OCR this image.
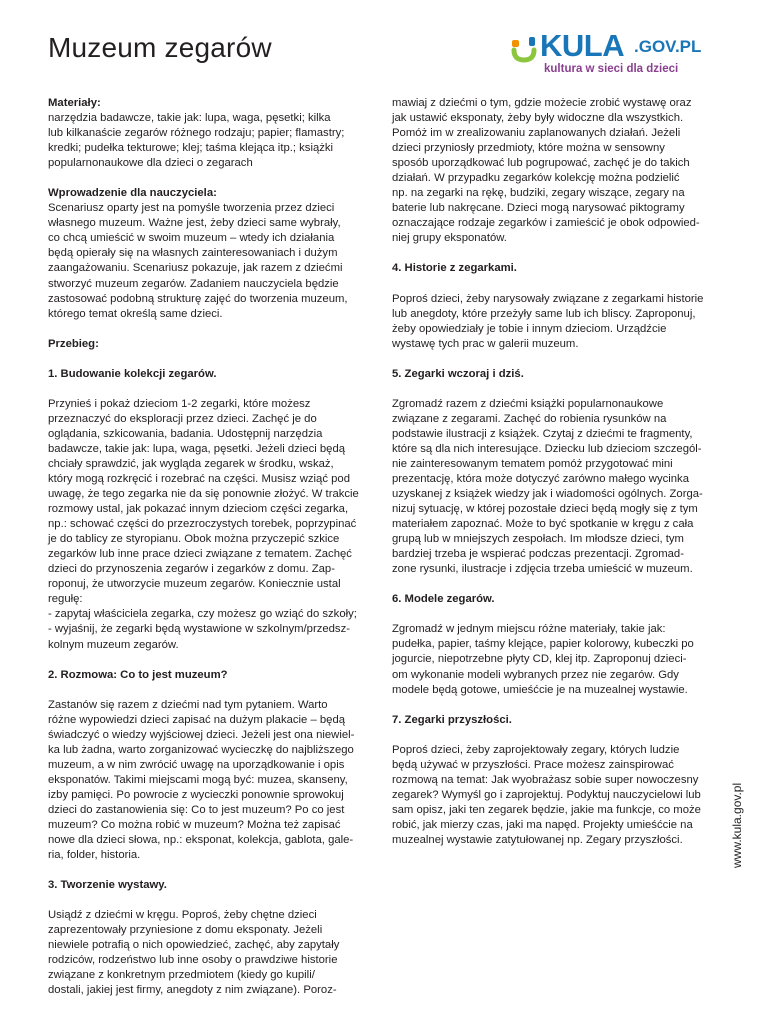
Muzeum zegarów	KULA .GOV.PL
kultura w sieci dla dzieci

Materiały:
narzędzia badawcze, takie jak: lupa, waga, pęsetki; kilka
lub kilkanaście zegarów różnego rodzaju; papier; flamastry;
kredki; pudełka tekturowe; klej; taśma klejąca itp.; książki
popularnonaukowe dla dzieci o zegarach

Wprowadzenie dla nauczyciela:
Scenariusz oparty jest na pomyśle tworzenia przez dzieci
własnego muzeum. Ważne jest, żeby dzieci same wybrały,
co chcą umieścić w swoim muzeum – wtedy ich działania
będą opierały się na własnych zainteresowaniach i dużym
zaangażowaniu. Scenariusz pokazuje, jak razem z dziećmi
stworzyć muzeum zegarów. Zadaniem nauczyciela będzie
zastosować podobną strukturę zajęć do tworzenia muzeum,
którego temat określą same dzieci.

Przebieg:
1. Budowanie kolekcji zegarów.

Przynieś i pokaż dzieciom 1-2 zegarki, które możesz
przeznaczyć do eksploracji przez dzieci. Zachęć je do
oglądania, szkicowania, badania. Udostępnij narzędzia
badawcze, takie jak: lupa, waga, pęsetki. Jeżeli dzieci będą
chciały sprawdzić, jak wygląda zegarek w środku, wskaż,
który mogą rozkręcić i rozebrać na części. Musisz wziąć pod
uwagę, że tego zegarka nie da się ponownie złożyć. W trakcie
rozmowy ustal, jak pokazać innym dzieciom części zegarka,
np.: schować części do przezroczystych torebek, poprzypinać
je do tablicy ze styropianu. Obok można przyczepić szkice
zegarków lub inne prace dzieci związane z tematem. Zachęć
dzieci do przynoszenia zegarów i zegarków z domu. Zap-
roponuj, że utworzycie muzeum zegarów. Koniecznie ustal
regułę:
- zapytaj właściciela zegarka, czy możesz go wziąć do szkoły;
- wyjaśnij, że zegarki będą wystawione w szkolnym/przedsz-
kolnym muzeum zegarów.

2. Rozmowa: Co to jest muzeum?

Zastanów się razem z dziećmi nad tym pytaniem. Warto
różne wypowiedzi dzieci zapisać na dużym plakacie – będą
świadczyć o wiedzy wyjściowej dzieci. Jeżeli jest ona niewiel-
ka lub żadna, warto zorganizować wycieczkę do najbliższego
muzeum, a w nim zwrócić uwagę na uporządkowanie i opis
eksponatów. Takimi miejscami mogą być: muzea, skanseny,
izby pamięci. Po powrocie z wycieczki ponownie sprowokuj
dzieci do zastanowienia się: Co to jest muzeum? Po co jest
muzeum? Co można robić w muzeum? Można też zapisać
nowe dla dzieci słowa, np.: eksponat, kolekcja, gablota, gale-
ria, folder, historia.

3. Tworzenie wystawy.

Usiądź z dziećmi w kręgu. Poproś, żeby chętne dzieci
zaprezentowały przyniesione z domu eksponaty. Jeżeli
niewiele potrafią o nich opowiedzieć, zachęć, aby zapytały
rodziców, rodzeństwo lub inne osoby o prawdziwe historie
związane z konkretnym przedmiotem (kiedy go kupili/
dostali, jakiej jest firmy, anegdoty z nim związane). Poroz-

mawiaj z dziećmi o tym, gdzie możecie zrobić wystawę oraz
jak ustawić eksponaty, żeby były widoczne dla wszystkich.
Pomóż im w zrealizowaniu zaplanowanych działań. Jeżeli
dzieci przyniosły przedmioty, które można w sensowny
sposób uporządkować lub pogrupować, zachęć je do takich
działań. W przypadku zegarków kolekcję można podzielić
np. na zegarki na rękę, budziki, zegary wiszące, zegary na
baterie lub nakręcane. Dzieci mogą narysować piktogramy
oznaczające rodzaje zegarków i zamieścić je obok odpowied-
niej grupy eksponatów.

4. Historie z zegarkami.

Poproś dzieci, żeby narysowały związane z zegarkami historie
lub anegdoty, które przeżyły same lub ich bliscy. Zaproponuj,
żeby opowiedziały je tobie i innym dzieciom. Urządźcie
wystawę tych prac w galerii muzeum.

5. Zegarki wczoraj i dziś.

Zgromadź razem z dziećmi książki popularnonaukowe
związane z zegarami. Zachęć do robienia rysunków na
podstawie ilustracji z książek. Czytaj z dziećmi te fragmenty,
które są dla nich interesujące. Dziecku lub dzieciom szczegól-
nie zainteresowanym tematem pomóż przygotować mini
prezentację, która może dotyczyć zarówno małego wycinka
uzyskanej z książek wiedzy jak i wiadomości ogólnych. Zorga-
nizuj sytuację, w której pozostałe dzieci będą mogły się z tym
materiałem zapoznać. Może to być spotkanie w kręgu z cała
grupą lub w mniejszych zespołach. Im młodsze dzieci, tym
bardziej trzeba je wspierać podczas prezentacji. Zgromad-
zone rysunki, ilustracje i zdjęcia trzeba umieścić w muzeum.

6. Modele zegarów.

Zgromadź w jednym miejscu różne materiały, takie jak:
pudełka, papier, taśmy klejące, papier kolorowy, kubeczki po
jogurcie, niepotrzebne płyty CD, klej itp. Zaproponuj dzieci-
om wykonanie modeli wybranych przez nie zegarów. Gdy
modele będą gotowe, umieśćcie je na muzealnej wystawie.

7. Zegarki przyszłości.

Poproś dzieci, żeby zaprojektowały zegary, których ludzie
będą używać w przyszłości. Prace możesz zainspirować
rozmową na temat: Jak wyobrażasz sobie super nowoczesny
zegarek? Wymyśl go i zaprojektuj. Podyktuj nauczycielowi lub
sam opisz, jaki ten zegarek będzie, jakie ma funkcje, co może
robić, jak mierzy czas, jaki ma napęd. Projekty umieśćcie na
muzealnej wystawie zatytułowanej np. Zegary przyszłości.	www.kula.gov.pl
